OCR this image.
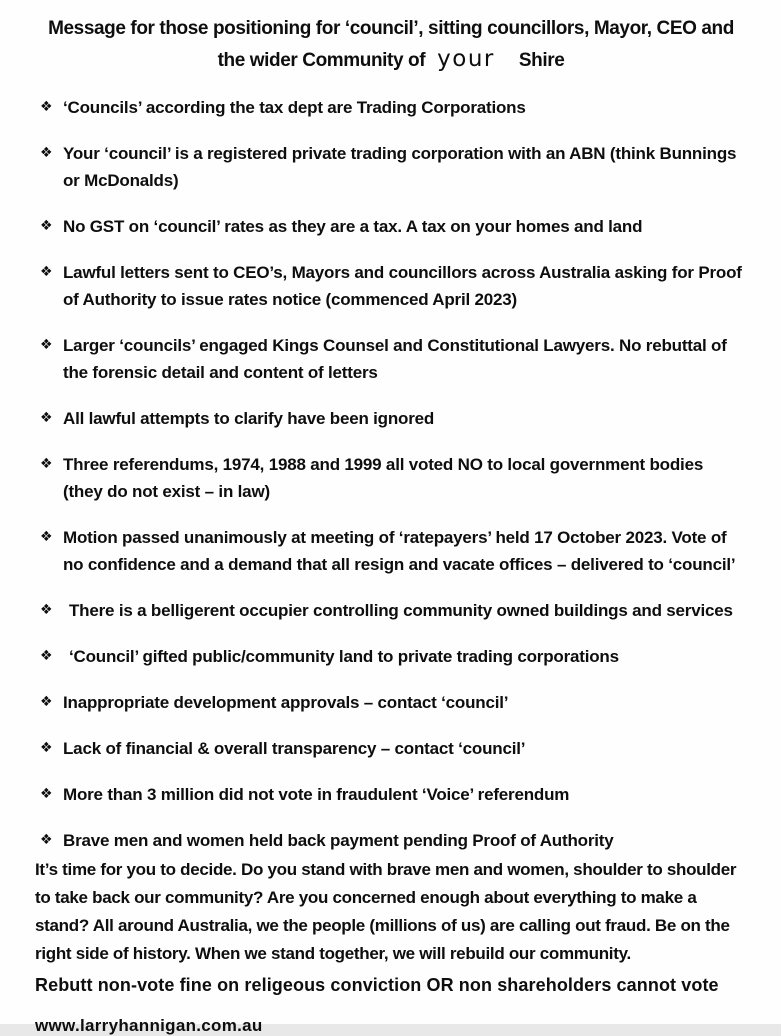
Message for those positioning for ‘council’, sitting councillors, Mayor, CEO and
the wider Community of your Shire
❖ ‘Councils’ according the tax dept are Trading Corporations
❖ Your ‘council’ is a registered private trading corporation with an ABN (think Bunnings or McDonalds)
❖ No GST on ‘council’ rates as they are a tax. A tax on your homes and land
❖ Lawful letters sent to CEO’s, Mayors and councillors across Australia asking for Proof of Authority to issue rates notice (commenced April 2023)
❖ Larger ‘councils’ engaged Kings Counsel and Constitutional Lawyers. No rebuttal of the forensic detail and content of letters
❖ All lawful attempts to clarify have been ignored
❖ Three referendums, 1974, 1988 and 1999 all voted NO to local government bodies (they do not exist – in law)
❖ Motion passed unanimously at meeting of ‘ratepayers’ held 17 October 2023. Vote of no confidence and a demand that all resign and vacate offices – delivered to ‘council’
❖ There is a belligerent occupier controlling community owned buildings and services
❖ ‘Council’ gifted public/community land to private trading corporations
❖ Inappropriate development approvals – contact ‘council’
❖ Lack of financial & overall transparency – contact ‘council’
❖ More than 3 million did not vote in fraudulent ‘Voice’ referendum
❖ Brave men and women held back payment pending Proof of Authority

It’s time for you to decide. Do you stand with brave men and women, shoulder to shoulder to take back our community? Are you concerned enough about everything to make a stand? All around Australia, we the people (millions of us) are calling out fraud. Be on the right side of history. When we stand together, we will rebuild our community.

Rebutt non-vote fine on religeous conviction OR non shareholders cannot vote

www.larryhannigan.com.au
